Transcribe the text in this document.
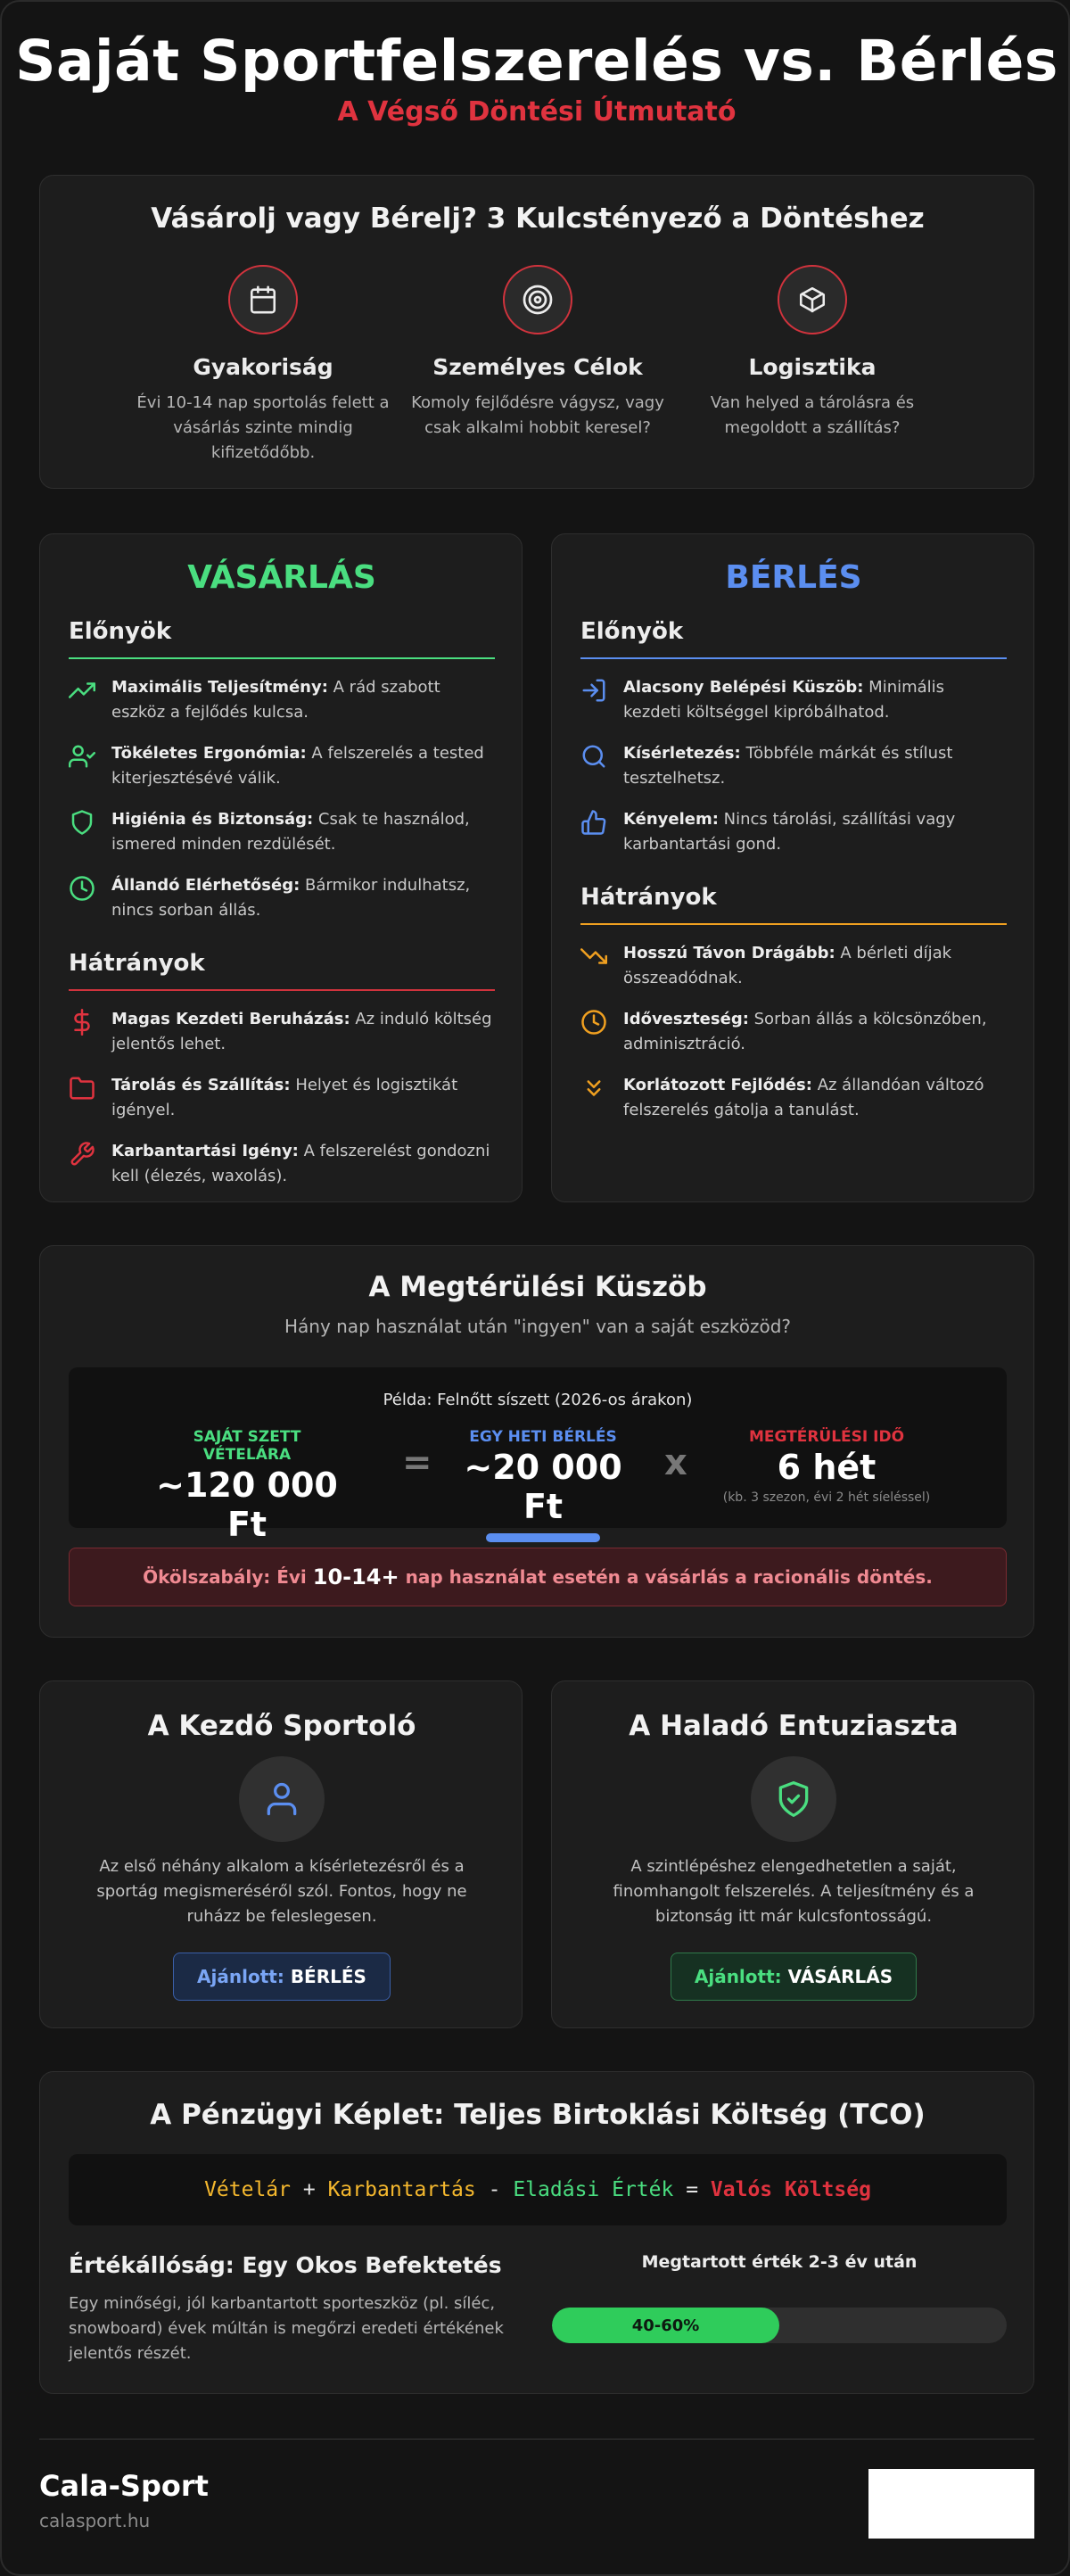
Saját Sportfelszerelés vs. Bérlés
A Végső Döntési Útmutató
Vásárolj vagy Bérelj? 3 Kulcstényező a Döntéshez
Gyakoriság
Évi 10-14 nap sportolás felett a vásárlás szinte mindig kifizetődőbb.
Személyes Célok
Komoly fejlődésre vágysz, vagy csak alkalmi hobbit keresel?
Logisztika
Van helyed a tárolásra és megoldott a szállítás?
VÁSÁRLÁS
Előnyök
Maximális Teljesítmény: A rád szabott eszköz a fejlődés kulcsa.
Tökéletes Ergonómia: A felszerelés a tested kiterjesztésévé válik.
Higiénia és Biztonság: Csak te használod, ismered minden rezdülését.
Állandó Elérhetőség: Bármikor indulhatsz, nincs sorban állás.
Hátrányok
Magas Kezdeti Beruházás: Az induló költség jelentős lehet.
Tárolás és Szállítás: Helyet és logisztikát igényel.
Karbantartási Igény: A felszerelést gondozni kell (élezés, waxolás).
BÉRLÉS
Előnyök
Alacsony Belépési Küszöb: Minimális kezdeti költséggel kipróbálhatod.
Kísérletezés: Többféle márkát és stílust tesztelhetsz.
Kényelem: Nincs tárolási, szállítási vagy karbantartási gond.
Hátrányok
Hosszú Távon Drágább: A bérleti díjak összeadódnak.
Időveszteség: Sorban állás a kölcsönzőben, adminisztráció.
Korlátozott Fejlődés: Az állandóan változó felszerelés gátolja a tanulást.
A Megtérülési Küszöb
Hány nap használat után "ingyen" van a saját eszközöd?
Példa: Felnőtt síszett (2026-os árakon)
SAJÁT SZETT VÉTELÁRA
~120 000 Ft
=
EGY HETI BÉRLÉS
~20 000 Ft
x
MEGTÉRÜLÉSI IDŐ
6 hét
(kb. 3 szezon, évi 2 hét síeléssel)
Ökölszabály: Évi 10-14+ nap használat esetén a vásárlás a racionális döntés.
A Kezdő Sportoló
Az első néhány alkalom a kísérletezésről és a sportág megismeréséről szól. Fontos, hogy ne ruházz be feleslegesen.
Ajánlott: BÉRLÉS
A Haladó Entuziaszta
A szintlépéshez elengedhetetlen a saját, finomhangolt felszerelés. A teljesítmény és a biztonság itt már kulcsfontosságú.
Ajánlott: VÁSÁRLÁS
A Pénzügyi Képlet: Teljes Birtoklási Költség (TCO)
Vételár
+
Karbantartás
-
Eladási Érték
=
Valós Költség
Értékállóság: Egy Okos Befektetés
Egy minőségi, jól karbantartott sporteszköz (pl. síléc, snowboard) évek múltán is megőrzi eredeti értékének jelentős részét.
Megtartott érték 2-3 év után
40-60%
Cala-Sport
calasport.hu
